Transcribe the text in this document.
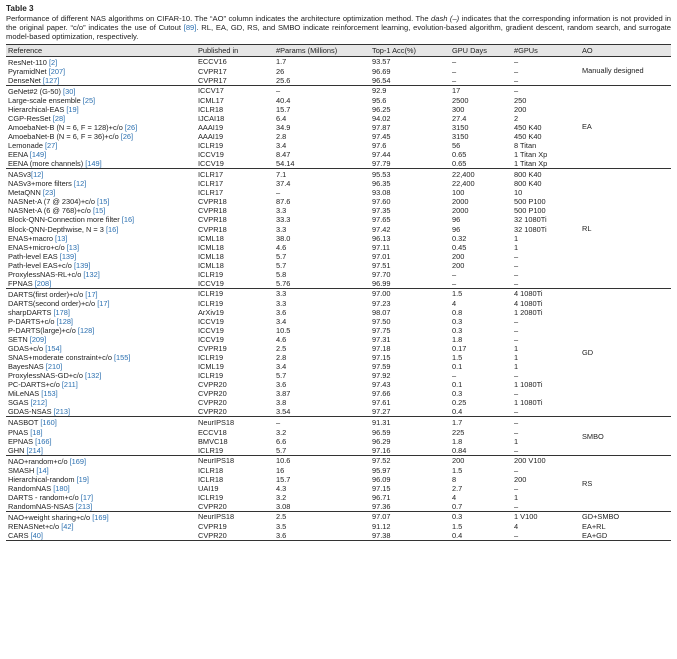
Table 3
Performance of different NAS algorithms on CIFAR-10. The “AO” column indicates the architecture optimization method. The dash (–) indicates that the corresponding information is not provided in the original paper. “c/o” indicates the use of Cutout [89]. RL, EA, GD, RS, and SMBO indicate reinforcement learning, evolution-based algorithm, gradient descent, random search, and surrogate model-based optimization, respectively.
Reference	Published in	#Params (Millions)	Top-1 Acc(%)	GPU Days	#GPUs	AO
ResNet-110 [2]	ECCV16	1.7	93.57	–	–	Manually designed
PyramidNet [207]	CVPR17	26	96.69	–	–	
DenseNet [127]	CVPR17	25.6	96.54	–	–	
GeNet#2 (G-50) [30]	ICCV17	–	92.9	17	–	EA
Large-scale ensemble [25]	ICML17	40.4	95.6	2500	250	
Hierarchical-EAS [19]	ICLR18	15.7	96.25	300	200	
CGP-ResSet [28]	IJCAI18	6.4	94.02	27.4	2	
AmoebaNet-B (N = 6, F = 128)+c/o [26]	AAAI19	34.9	97.87	3150	450 K40	
AmoebaNet-B (N = 6, F = 36)+c/o [26]	AAAI19	2.8	97.45	3150	450 K40	
Lemonade [27]	ICLR19	3.4	97.6	56	8 Titan	
EENA [149]	ICCV19	8.47	97.44	0.65	1 Titan Xp	
EENA (more channels) [149]	ICCV19	54.14	97.79	0.65	1 Titan Xp	
NASv3[12]	ICLR17	7.1	95.53	22,400	800 K40	RL
NASv3+more filters [12]	ICLR17	37.4	96.35	22,400	800 K40	
MetaQNN [23]	ICLR17	–	93.08	100	10	
NASNet-A (7 @ 2304)+c/o [15]	CVPR18	87.6	97.60	2000	500 P100	
NASNet-A (6 @ 768)+c/o [15]	CVPR18	3.3	97.35	2000	500 P100	
Block-QNN-Connection more filter [16]	CVPR18	33.3	97.65	96	32 1080Ti	
Block-QNN-Depthwise, N = 3 [16]	CVPR18	3.3	97.42	96	32 1080Ti	
ENAS+macro [13]	ICML18	38.0	96.13	0.32	1	
ENAS+micro+c/o [13]	ICML18	4.6	97.11	0.45	1	
Path-level EAS [139]	ICML18	5.7	97.01	200	–	
Path-level EAS+c/o [139]	ICML18	5.7	97.51	200	–	
ProxylessNAS-RL+c/o [132]	ICLR19	5.8	97.70	–	–	
FPNAS [208]	ICCV19	5.76	96.99	–	–	
DARTS(first order)+c/o [17]	ICLR19	3.3	97.00	1.5	4 1080Ti	GD
DARTS(second order)+c/o [17]	ICLR19	3.3	97.23	4	4 1080Ti	
sharpDARTS [178]	ArXiv19	3.6	98.07	0.8	1 2080Ti	
P-DARTS+c/o [128]	ICCV19	3.4	97.50	0.3	–	
P-DARTS(large)+c/o [128]	ICCV19	10.5	97.75	0.3	–	
SETN [209]	ICCV19	4.6	97.31	1.8	–	
GDAS+c/o [154]	CVPR19	2.5	97.18	0.17	1	
SNAS+moderate constraint+c/o [155]	ICLR19	2.8	97.15	1.5	1	
BayesNAS [210]	ICML19	3.4	97.59	0.1	1	
ProxylessNAS-GD+c/o [132]	ICLR19	5.7	97.92	–	–	
PC-DARTS+c/o [211]	CVPR20	3.6	97.43	0.1	1 1080Ti	
MiLeNAS [153]	CVPR20	3.87	97.66	0.3	–	
SGAS [212]	CVPR20	3.8	97.61	0.25	1 1080Ti	
GDAS-NSAS [213]	CVPR20	3.54	97.27	0.4	–	
NASBOT [160]	NeurIPS18	–	91.31	1.7	–	SMBO
PNAS [18]	ECCV18	3.2	96.59	225	–	
EPNAS [166]	BMVC18	6.6	96.29	1.8	1	
GHN [214]	ICLR19	5.7	97.16	0.84	–	
NAO+random+c/o [169]	NeurIPS18	10.6	97.52	200	200 V100	RS
SMASH [14]	ICLR18	16	95.97	1.5	–	
Hierarchical-random [19]	ICLR18	15.7	96.09	8	200	
RandomNAS [180]	UAI19	4.3	97.15	2.7	–	
DARTS - random+c/o [17]	ICLR19	3.2	96.71	4	1	
RandomNAS-NSAS [213]	CVPR20	3.08	97.36	0.7	–	
NAO+weight sharing+c/o [169]	NeurIPS18	2.5	97.07	0.3	1 V100	GD+SMBO
RENASNet+c/o [42]	CVPR19	3.5	91.12	1.5	4	EA+RL
CARS [40]	CVPR20	3.6	97.38	0.4	–	EA+GD
